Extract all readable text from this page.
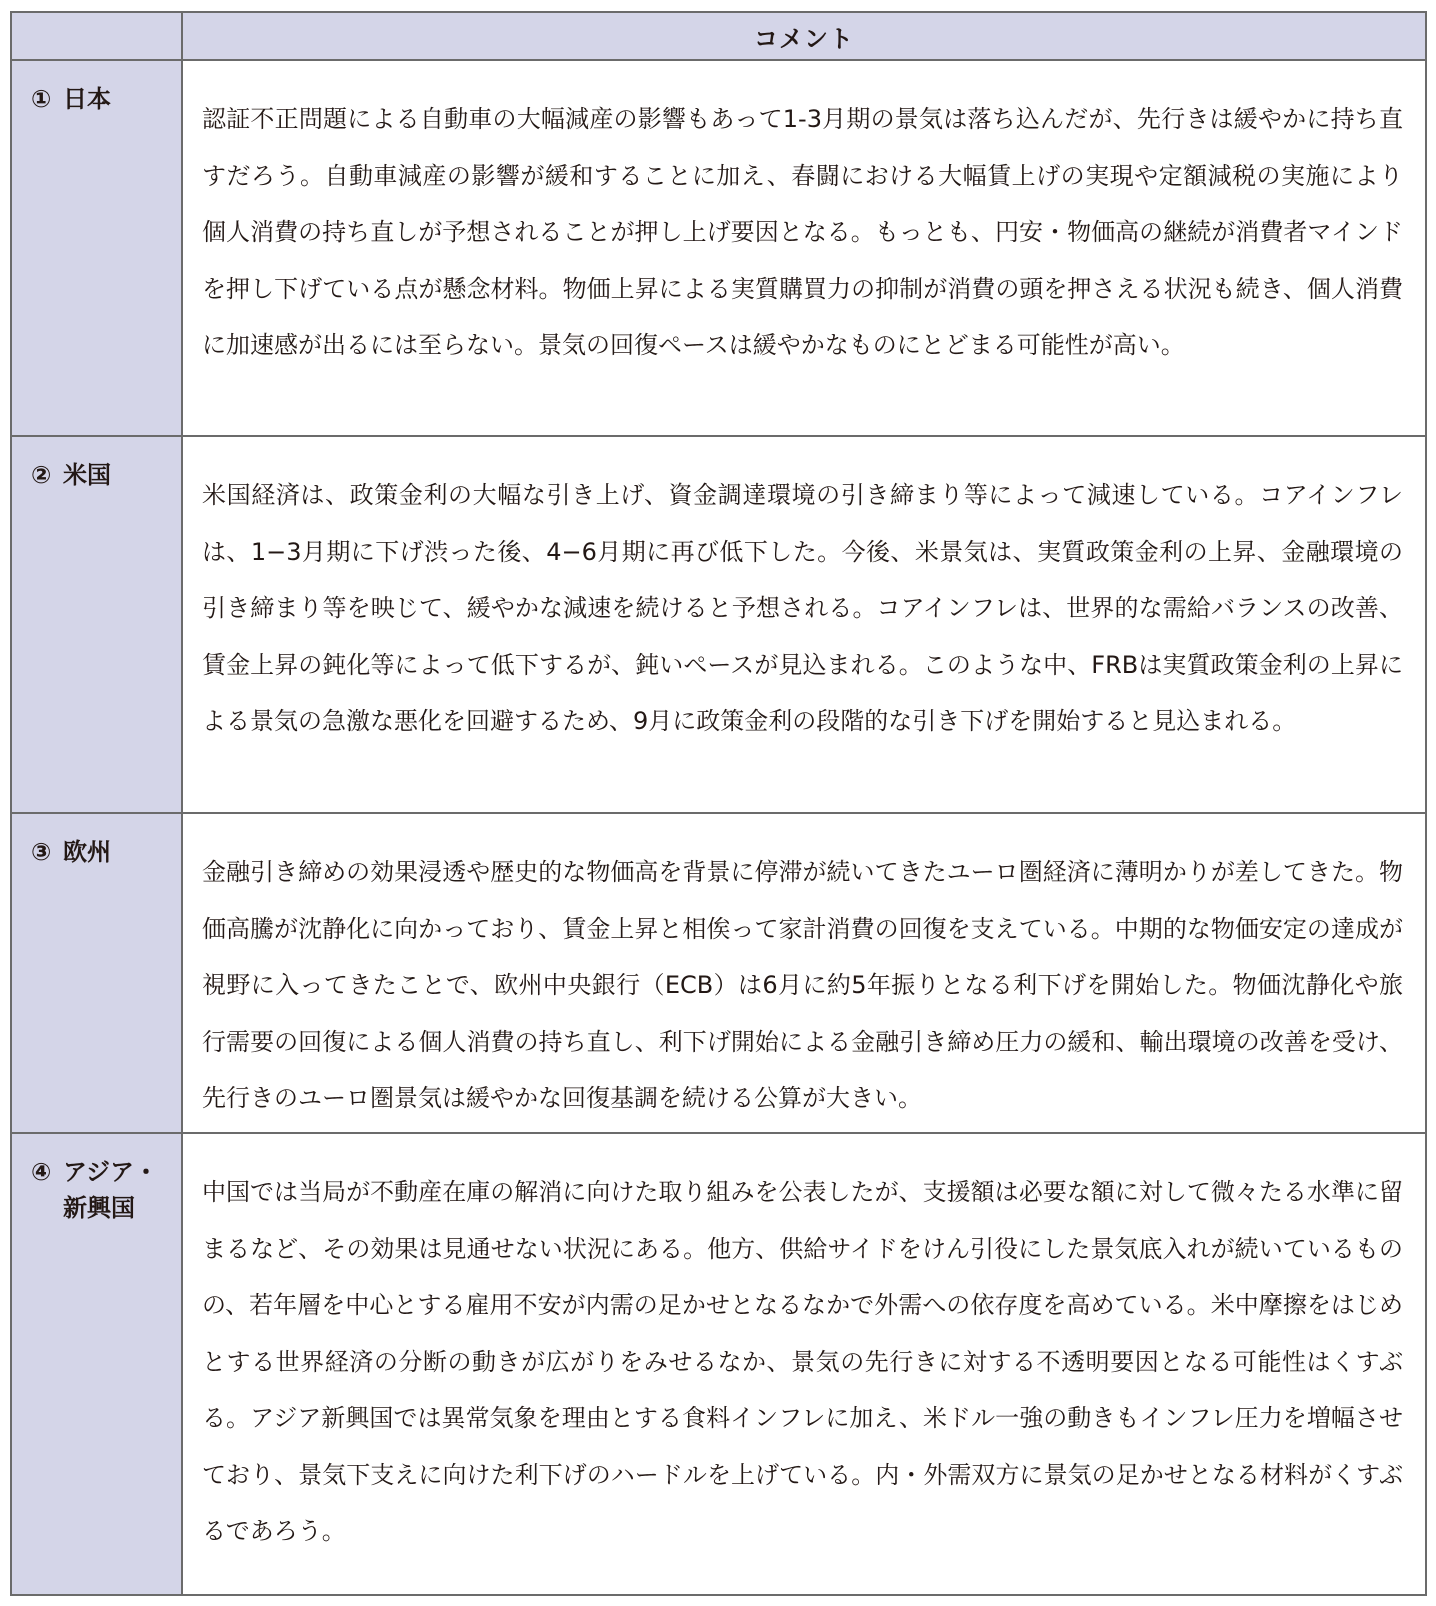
コメント
① 日本
認証不正問題による自動車の大幅減産の影響もあって1-3月期の景気は落ち込んだが、先行きは緩やかに持ち直すだろう。自動車減産の影響が緩和することに加え、春闘における大幅賃上げの実現や定額減税の実施により個人消費の持ち直しが予想されることが押し上げ要因となる。もっとも、円安・物価高の継続が消費者マインドを押し下げている点が懸念材料。物価上昇による実質購買力の抑制が消費の頭を押さえる状況も続き、個人消費に加速感が出るには至らない。景気の回復ペースは緩やかなものにとどまる可能性が高い。
② 米国
米国経済は、政策金利の大幅な引き上げ、資金調達環境の引き締まり等によって減速している。コアインフレは、1−3月期に下げ渋った後、4−6月期に再び低下した。今後、米景気は、実質政策金利の上昇、金融環境の引き締まり等を映じて、緩やかな減速を続けると予想される。コアインフレは、世界的な需給バランスの改善、賃金上昇の鈍化等によって低下するが、鈍いペースが見込まれる。このような中、FRBは実質政策金利の上昇による景気の急激な悪化を回避するため、9月に政策金利の段階的な引き下げを開始すると見込まれる。
③ 欧州
金融引き締めの効果浸透や歴史的な物価高を背景に停滞が続いてきたユーロ圏経済に薄明かりが差してきた。物価高騰が沈静化に向かっており、賃金上昇と相俟って家計消費の回復を支えている。中期的な物価安定の達成が視野に入ってきたことで、欧州中央銀行（ECB）は6月に約5年振りとなる利下げを開始した。物価沈静化や旅行需要の回復による個人消費の持ち直し、利下げ開始による金融引き締め圧力の緩和、輸出環境の改善を受け、先行きのユーロ圏景気は緩やかな回復基調を続ける公算が大きい。
④ アジア・
新興国
中国では当局が不動産在庫の解消に向けた取り組みを公表したが、支援額は必要な額に対して微々たる水準に留まるなど、その効果は見通せない状況にある。他方、供給サイドをけん引役にした景気底入れが続いているものの、若年層を中心とする雇用不安が内需の足かせとなるなかで外需への依存度を高めている。米中摩擦をはじめとする世界経済の分断の動きが広がりをみせるなか、景気の先行きに対する不透明要因となる可能性はくすぶる。アジア新興国では異常気象を理由とする食料インフレに加え、米ドル一強の動きもインフレ圧力を増幅させており、景気下支えに向けた利下げのハードルを上げている。内・外需双方に景気の足かせとなる材料がくすぶるであろう。
